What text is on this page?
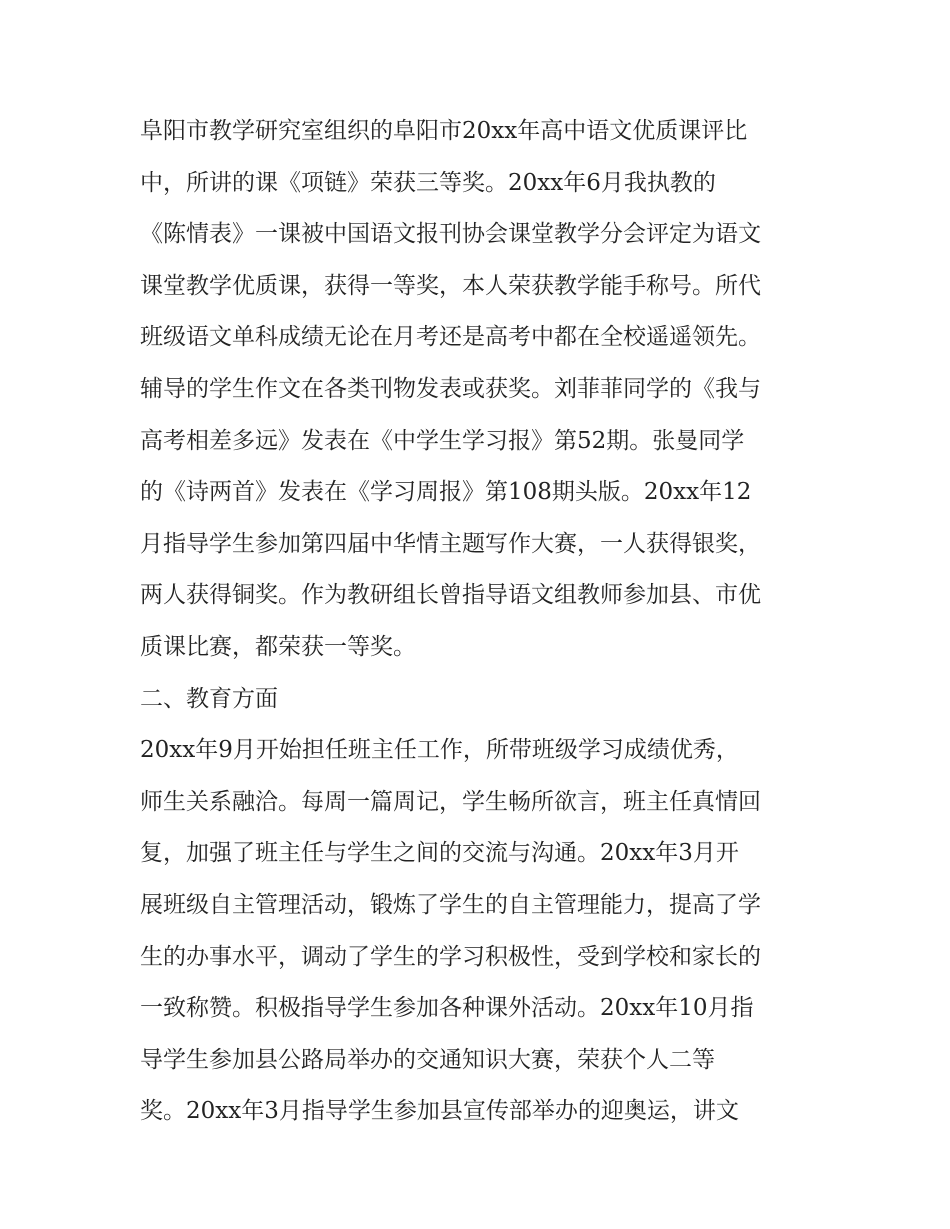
阜阳市教学研究室组织的阜阳市20xx年高中语文优质课评比

中，所讲的课《项链》荣获三等奖。20xx年6月我执教的

《陈情表》一课被中国语文报刊协会课堂教学分会评定为语文

课堂教学优质课，获得一等奖，本人荣获教学能手称号。所代

班级语文单科成绩无论在月考还是高考中都在全校遥遥领先。

辅导的学生作文在各类刊物发表或获奖。刘菲菲同学的《我与

高考相差多远》发表在《中学生学习报》第52期。张曼同学

的《诗两首》发表在《学习周报》第108期头版。20xx年12

月指导学生参加第四届中华情主题写作大赛，一人获得银奖，

两人获得铜奖。作为教研组长曾指导语文组教师参加县、市优

质课比赛，都荣获一等奖。

二、教育方面

20xx年9月开始担任班主任工作，所带班级学习成绩优秀，

师生关系融洽。每周一篇周记，学生畅所欲言，班主任真情回

复，加强了班主任与学生之间的交流与沟通。20xx年3月开

展班级自主管理活动，锻炼了学生的自主管理能力，提高了学

生的办事水平，调动了学生的学习积极性，受到学校和家长的

一致称赞。积极指导学生参加各种课外活动。20xx年10月指

导学生参加县公路局举办的交通知识大赛，荣获个人二等

奖。20xx年3月指导学生参加县宣传部举办的迎奥运，讲文
